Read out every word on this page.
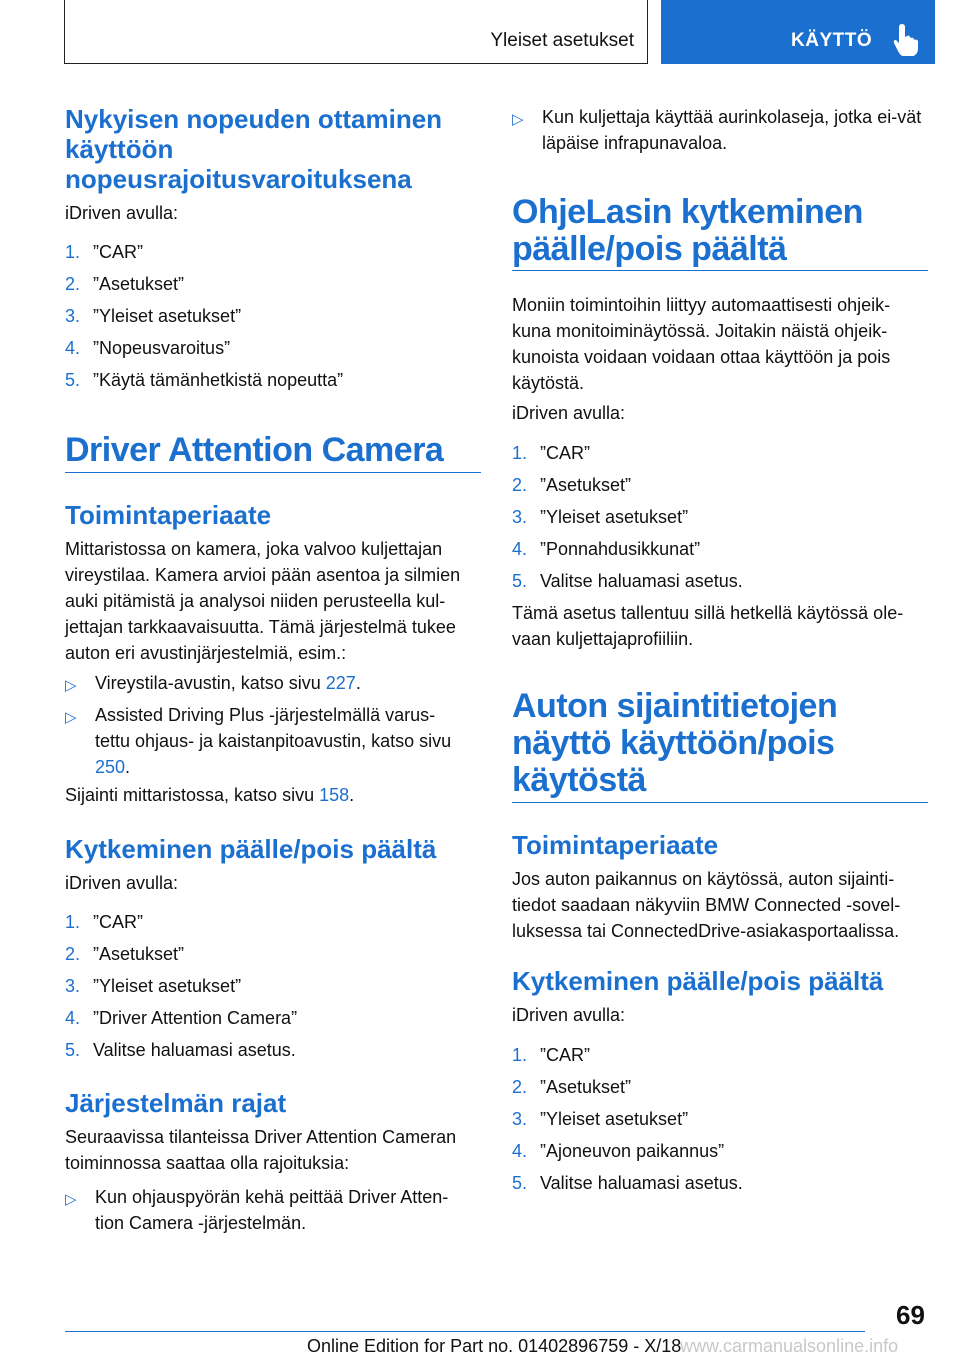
Yleiset asetukset	KÄYTTÖ
Nykyisen nopeuden ottaminen käyttöön nopeusrajoitusvaroituksena
iDriven avulla:
1. ”CAR”
2. ”Asetukset”
3. ”Yleiset asetukset”
4. ”Nopeusvaroitus”
5. ”Käytä tämänhetkistä nopeutta”
Driver Attention Camera
Toimintaperiaate
Mittaristossa on kamera, joka valvoo kuljettajan vireystilaa. Kamera arvioi pään asentoa ja silmien auki pitämistä ja analysoi niiden perusteella kul-jettajan tarkkaavaisuutta. Tämä järjestelmä tukee auton eri avustinjärjestelmiä, esim.:
▷ Vireystila-avustin, katso sivu 227.
▷ Assisted Driving Plus -järjestelmällä varus-tettu ohjaus- ja kaistanpitoavustin, katso sivu 250.
Sijainti mittaristossa, katso sivu 158.
Kytkeminen päälle/pois päältä
iDriven avulla:
1. ”CAR”
2. ”Asetukset”
3. ”Yleiset asetukset”
4. ”Driver Attention Camera”
5. Valitse haluamasi asetus.
Järjestelmän rajat
Seuraavissa tilanteissa Driver Attention Cameran toiminnossa saattaa olla rajoituksia:
▷ Kun ohjauspyörän kehä peittää Driver Atten-tion Camera -järjestelmän.
▷ Kun kuljettaja käyttää aurinkolaseja, jotka ei-vät läpäise infrapunavaloa.
OhjeLasin kytkeminen päälle/pois päältä
Moniin toimintoihin liittyy automaattisesti ohjeik-kuna monitoiminäytössä. Joitakin näistä ohjeik-kunoista voidaan voidaan ottaa käyttöön ja pois käytöstä.
iDriven avulla:
1. ”CAR”
2. ”Asetukset”
3. ”Yleiset asetukset”
4. ”Ponnahdusikkunat”
5. Valitse haluamasi asetus.
Tämä asetus tallentuu sillä hetkellä käytössä ole-vaan kuljettajaprofiiliin.
Auton sijaintitietojen näyttö käyttöön/pois käytöstä
Toimintaperiaate
Jos auton paikannus on käytössä, auton sijainti-tiedot saadaan näkyviin BMW Connected -sovel-luksessa tai ConnectedDrive-asiakasportaalissa.
Kytkeminen päälle/pois päältä
iDriven avulla:
1. ”CAR”
2. ”Asetukset”
3. ”Yleiset asetukset”
4. ”Ajoneuvon paikannus”
5. Valitse haluamasi asetus.
69
Online Edition for Part no. 01402896759 - X/18
www.carmanualsonline.info
